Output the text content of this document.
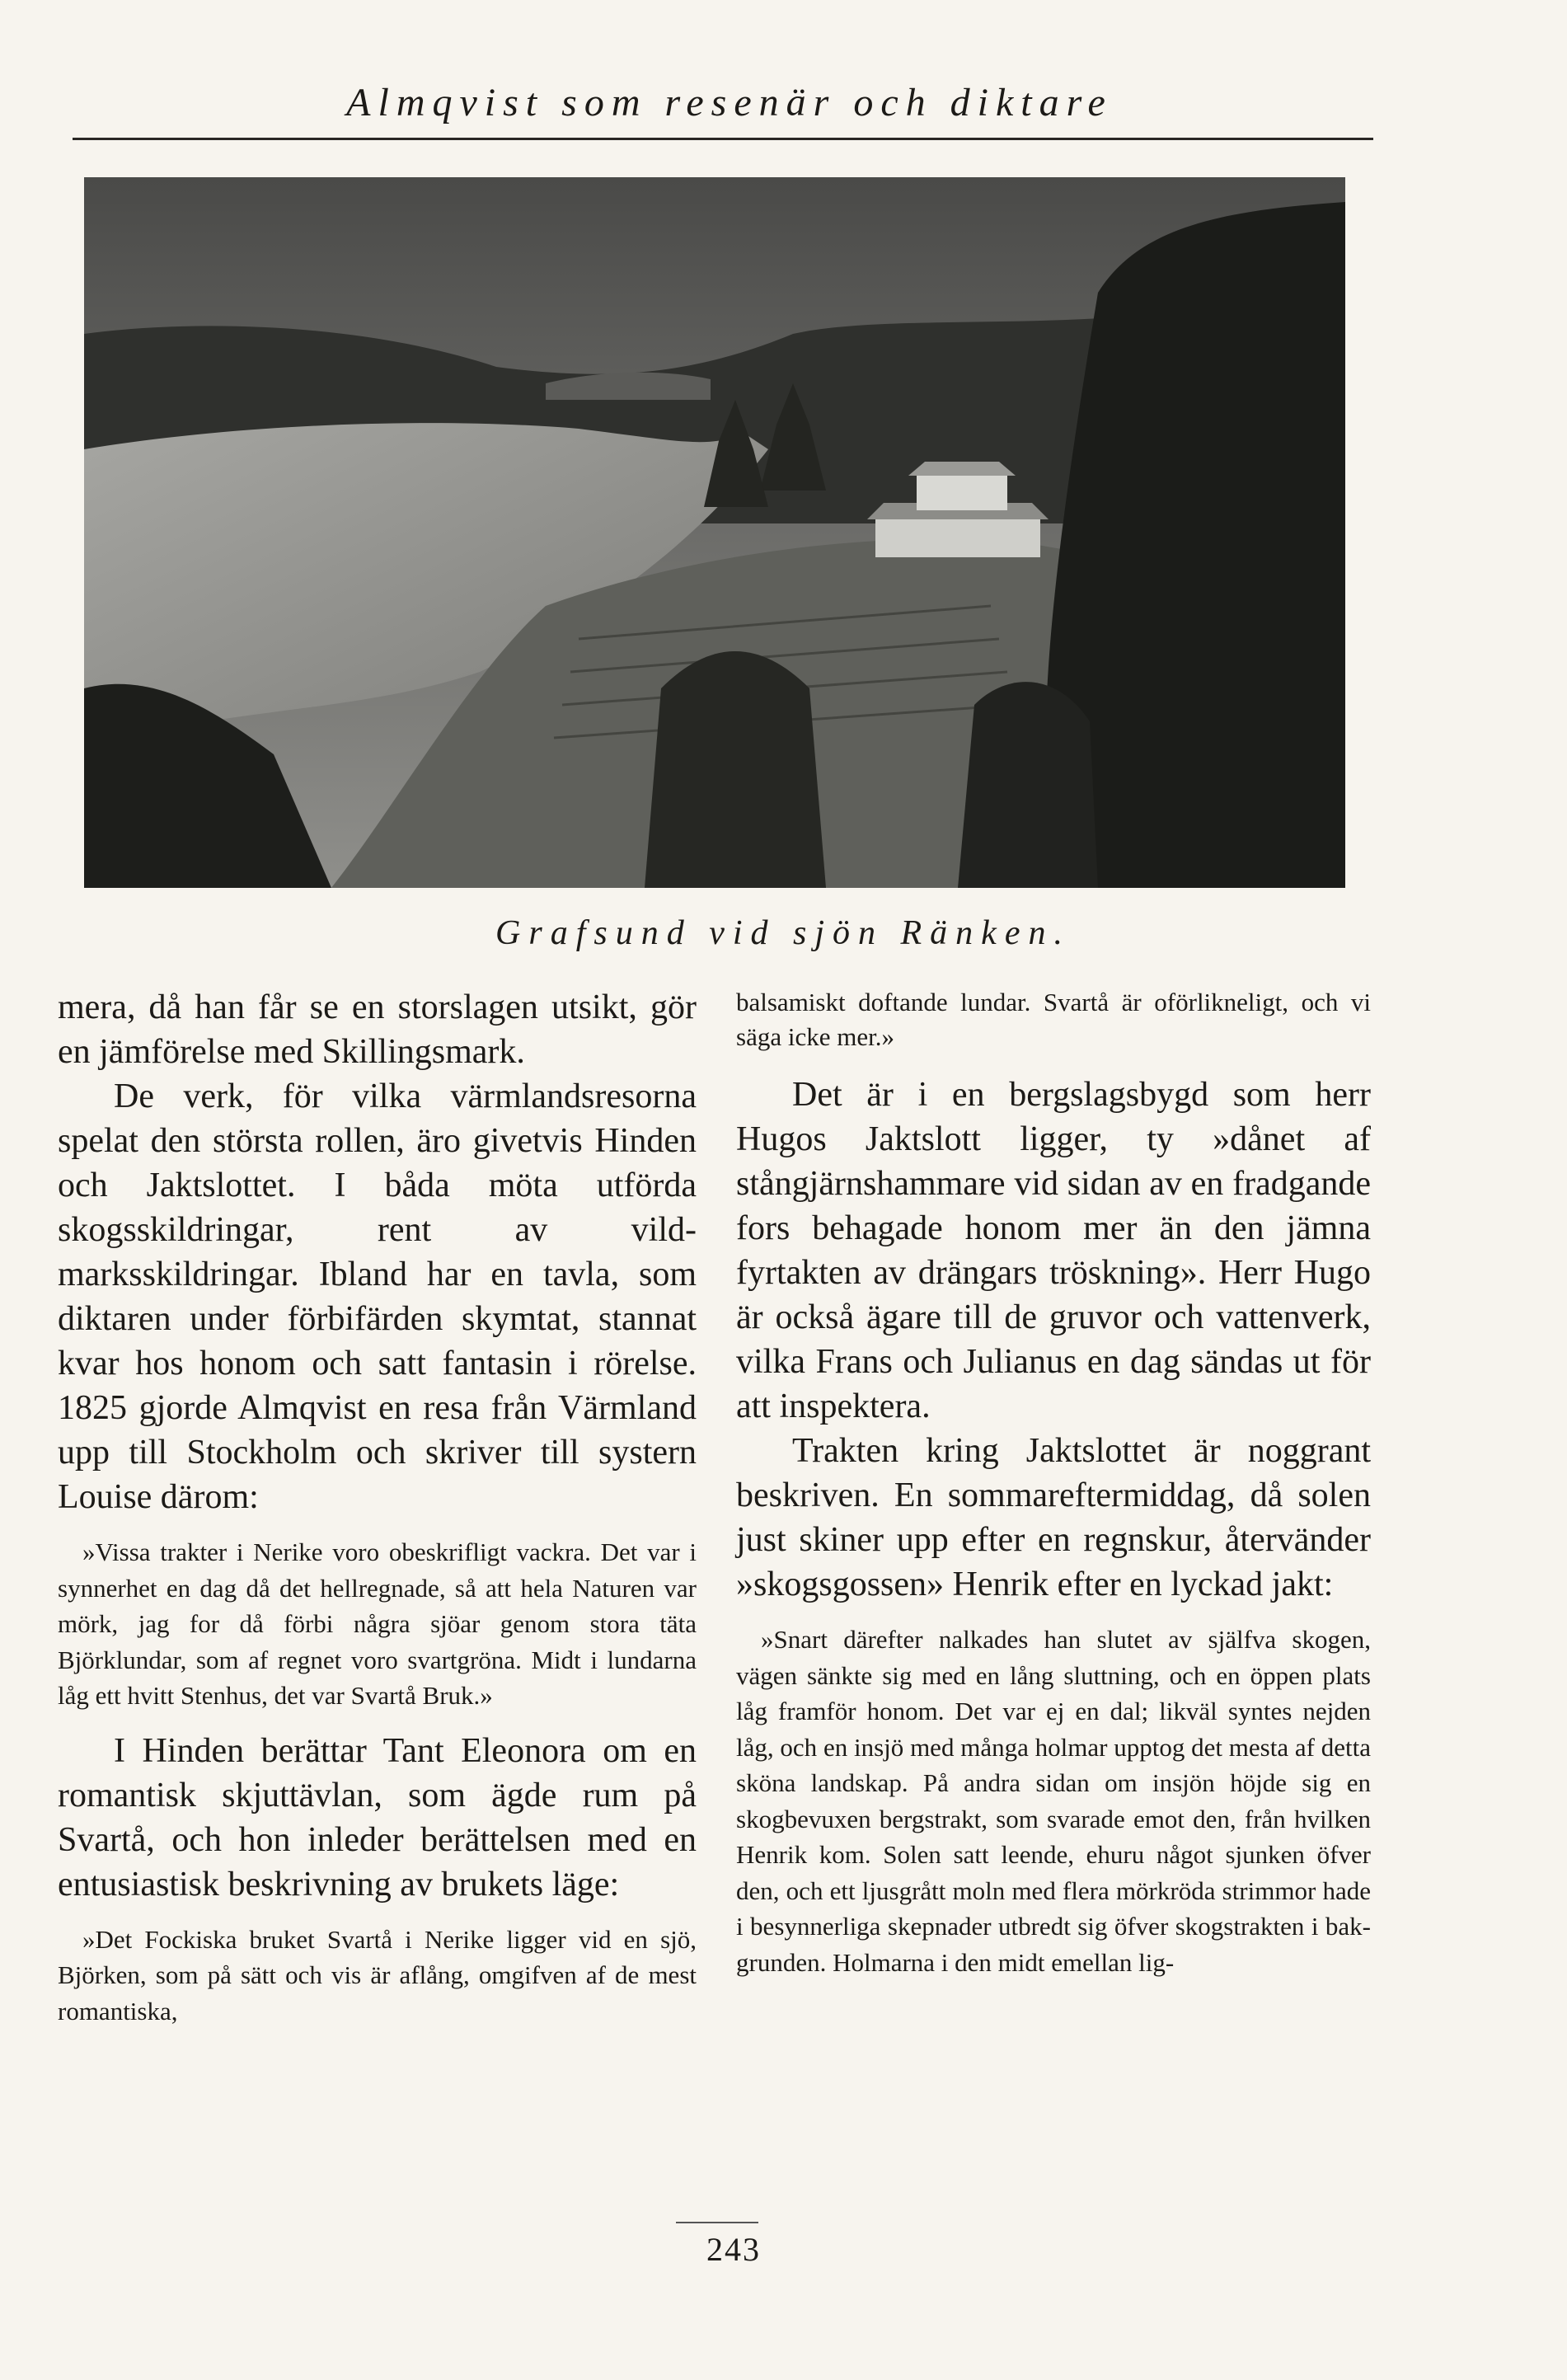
Almqvist som resenär och diktare
Grafsund vid sjön Ränken.

mera, då han får se en storslagen utsikt, gör en jämförelse med Skillingsmark.

De verk, för vilka värmlandsresorna spelat den största rollen, äro givetvis Hinden och Jaktslottet. I båda möta utförda skogsskildringar, rent av vildmarksskildringar. Ibland har en tavla, som diktaren under förbifärden skymtat, stannat kvar hos honom och satt fantasin i rörelse. 1825 gjorde Almqvist en resa från Värmland upp till Stockholm och skriver till systern Louise därom:

»Vissa trakter i Nerike voro obeskrifligt vackra. Det var i synnerhet en dag då det hellregnade, så att hela Naturen var mörk, jag for då förbi några sjöar genom stora täta Björklundar, som af regnet voro svartgröna. Midt i lundarna låg ett hvitt Stenhus, det var Svartå Bruk.»

I Hinden berättar Tant Eleonora om en romantisk skjuttävlan, som ägde rum på Svartå, och hon inleder berättelsen med en entusiastisk beskrivning av brukets läge:

»Det Fockiska bruket Svartå i Nerike ligger vid en sjö, Björken, som på sätt och vis är aflång, omgifven af de mest romantiska,

balsamiskt doftande lundar. Svartå är oförlikneligt, och vi säga icke mer.»

Det är i en bergslagsbygd som herr Hugos Jaktslott ligger, ty »dånet af stångjärnshammare vid sidan av en fradgande fors behagade honom mer än den jämna fyrtakten av drängars tröskning». Herr Hugo är också ägare till de gruvor och vattenverk, vilka Frans och Julianus en dag sändas ut för att inspektera.

Trakten kring Jaktslottet är noggrant beskriven. En sommareftermiddag, då solen just skiner upp efter en regnskur, återvänder »skogsgossen» Henrik efter en lyckad jakt:

»Snart därefter nalkades han slutet av själfva skogen, vägen sänkte sig med en lång sluttning, och en öppen plats låg framför honom. Det var ej en dal; likväl syntes nejden låg, och en insjö med många holmar upptog det mesta af detta sköna landskap. På andra sidan om insjön höjde sig en skogbevuxen bergstrakt, som svarade emot den, från hvilken Henrik kom. Solen satt leende, ehuru något sjunken öfver den, och ett ljusgrått moln med flera mörkröda strimmor hade i besynnerliga skepnader utbredt sig öfver skogstrakten i bakgrunden. Holmarna i den midt emellan lig-

243
